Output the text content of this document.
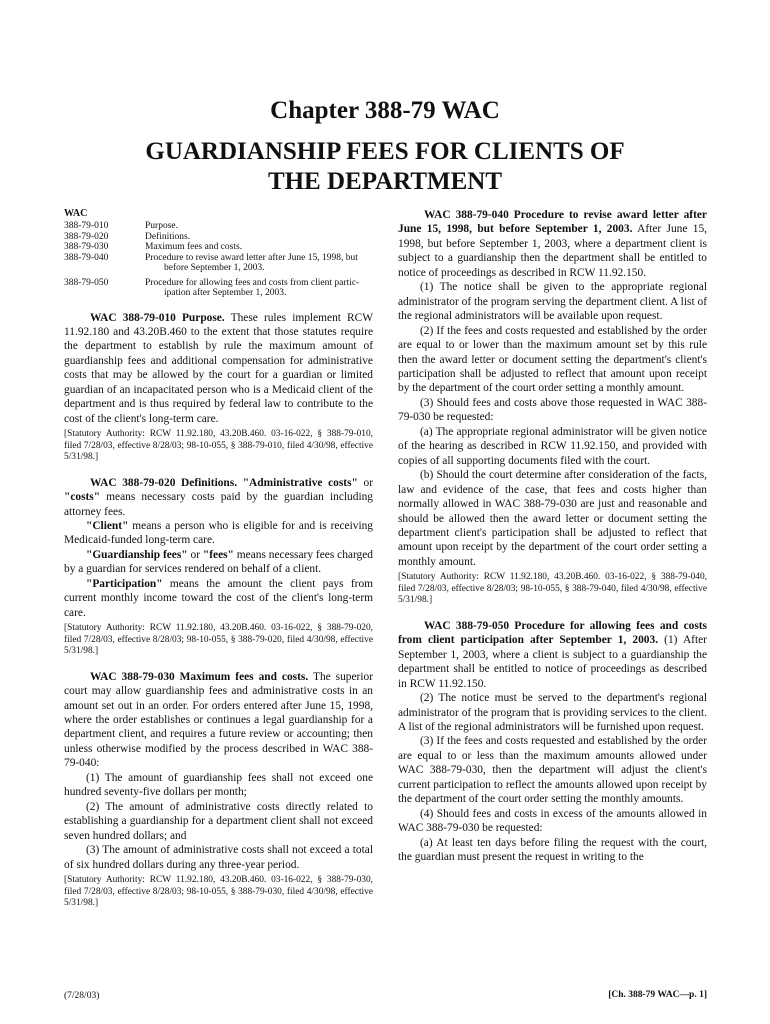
Chapter 388-79 WAC
GUARDIANSHIP FEES FOR CLIENTS OF THE DEPARTMENT
WAC
388-79-010	Purpose.
388-79-020	Definitions.
388-79-030	Maximum fees and costs.
388-79-040	Procedure to revise award letter after June 15, 1998, but
before September 1, 2003.
388-79-050	Procedure for allowing fees and costs from client partic-
ipation after September 1, 2003.

WAC 388-79-010 Purpose. These rules implement RCW 11.92.180 and 43.20B.460 to the extent that those statutes require the department to establish by rule the maximum amount of guardianship fees and additional compensation for administrative costs that may be allowed by the court for a guardian or limited guardian of an incapacitated person who is a Medicaid client of the department and is thus required by federal law to contribute to the cost of the client's long-term care.

[Statutory Authority: RCW 11.92.180, 43.20B.460. 03-16-022, § 388-79-010, filed 7/28/03, effective 8/28/03; 98-10-055, § 388-79-010, filed 4/30/98, effective 5/31/98.]

WAC 388-79-020 Definitions. "Administrative costs" or "costs" means necessary costs paid by the guardian including attorney fees.

"Client" means a person who is eligible for and is receiving Medicaid-funded long-term care.

"Guardianship fees" or "fees" means necessary fees charged by a guardian for services rendered on behalf of a client.

"Participation" means the amount the client pays from current monthly income toward the cost of the client's long-term care.

[Statutory Authority: RCW 11.92.180, 43.20B.460. 03-16-022, § 388-79-020, filed 7/28/03, effective 8/28/03; 98-10-055, § 388-79-020, filed 4/30/98, effective 5/31/98.]

WAC 388-79-030 Maximum fees and costs. The superior court may allow guardianship fees and administrative costs in an amount set out in an order. For orders entered after June 15, 1998, where the order establishes or continues a legal guardianship for a department client, and requires a future review or accounting; then unless otherwise modified by the process described in WAC 388-79-040:

(1) The amount of guardianship fees shall not exceed one hundred seventy-five dollars per month;

(2) The amount of administrative costs directly related to establishing a guardianship for a department client shall not exceed seven hundred dollars; and

(3) The amount of administrative costs shall not exceed a total of six hundred dollars during any three-year period.

[Statutory Authority: RCW 11.92.180, 43.20B.460. 03-16-022, § 388-79-030, filed 7/28/03, effective 8/28/03; 98-10-055, § 388-79-030, filed 4/30/98, effective 5/31/98.]

WAC 388-79-040 Procedure to revise award letter after June 15, 1998, but before September 1, 2003. After June 15, 1998, but before September 1, 2003, where a department client is subject to a guardianship then the department shall be entitled to notice of proceedings as described in RCW 11.92.150.

(1) The notice shall be given to the appropriate regional administrator of the program serving the department client. A list of the regional administrators will be available upon request.

(2) If the fees and costs requested and established by the order are equal to or lower than the maximum amount set by this rule then the award letter or document setting the department's client's participation shall be adjusted to reflect that amount upon receipt by the department of the court order setting a monthly amount.

(3) Should fees and costs above those requested in WAC 388-79-030 be requested:

(a) The appropriate regional administrator will be given notice of the hearing as described in RCW 11.92.150, and provided with copies of all supporting documents filed with the court.

(b) Should the court determine after consideration of the facts, law and evidence of the case, that fees and costs higher than normally allowed in WAC 388-79-030 are just and reasonable and should be allowed then the award letter or document setting the department client's participation shall be adjusted to reflect that amount upon receipt by the department of the court order setting a monthly amount.

[Statutory Authority: RCW 11.92.180, 43.20B.460. 03-16-022, § 388-79-040, filed 7/28/03, effective 8/28/03; 98-10-055, § 388-79-040, filed 4/30/98, effective 5/31/98.]

WAC 388-79-050 Procedure for allowing fees and costs from client participation after September 1, 2003. (1) After September 1, 2003, where a client is subject to a guardianship the department shall be entitled to notice of proceedings as described in RCW 11.92.150.

(2) The notice must be served to the department's regional administrator of the program that is providing services to the client. A list of the regional administrators will be furnished upon request.

(3) If the fees and costs requested and established by the order are equal to or less than the maximum amounts allowed under WAC 388-79-030, then the department will adjust the client's current participation to reflect the amounts allowed upon receipt by the department of the court order setting the monthly amounts.

(4) Should fees and costs in excess of the amounts allowed in WAC 388-79-030 be requested:

(a) At least ten days before filing the request with the court, the guardian must present the request in writing to the

(7/28/03)	[Ch. 388-79 WAC—p. 1]
